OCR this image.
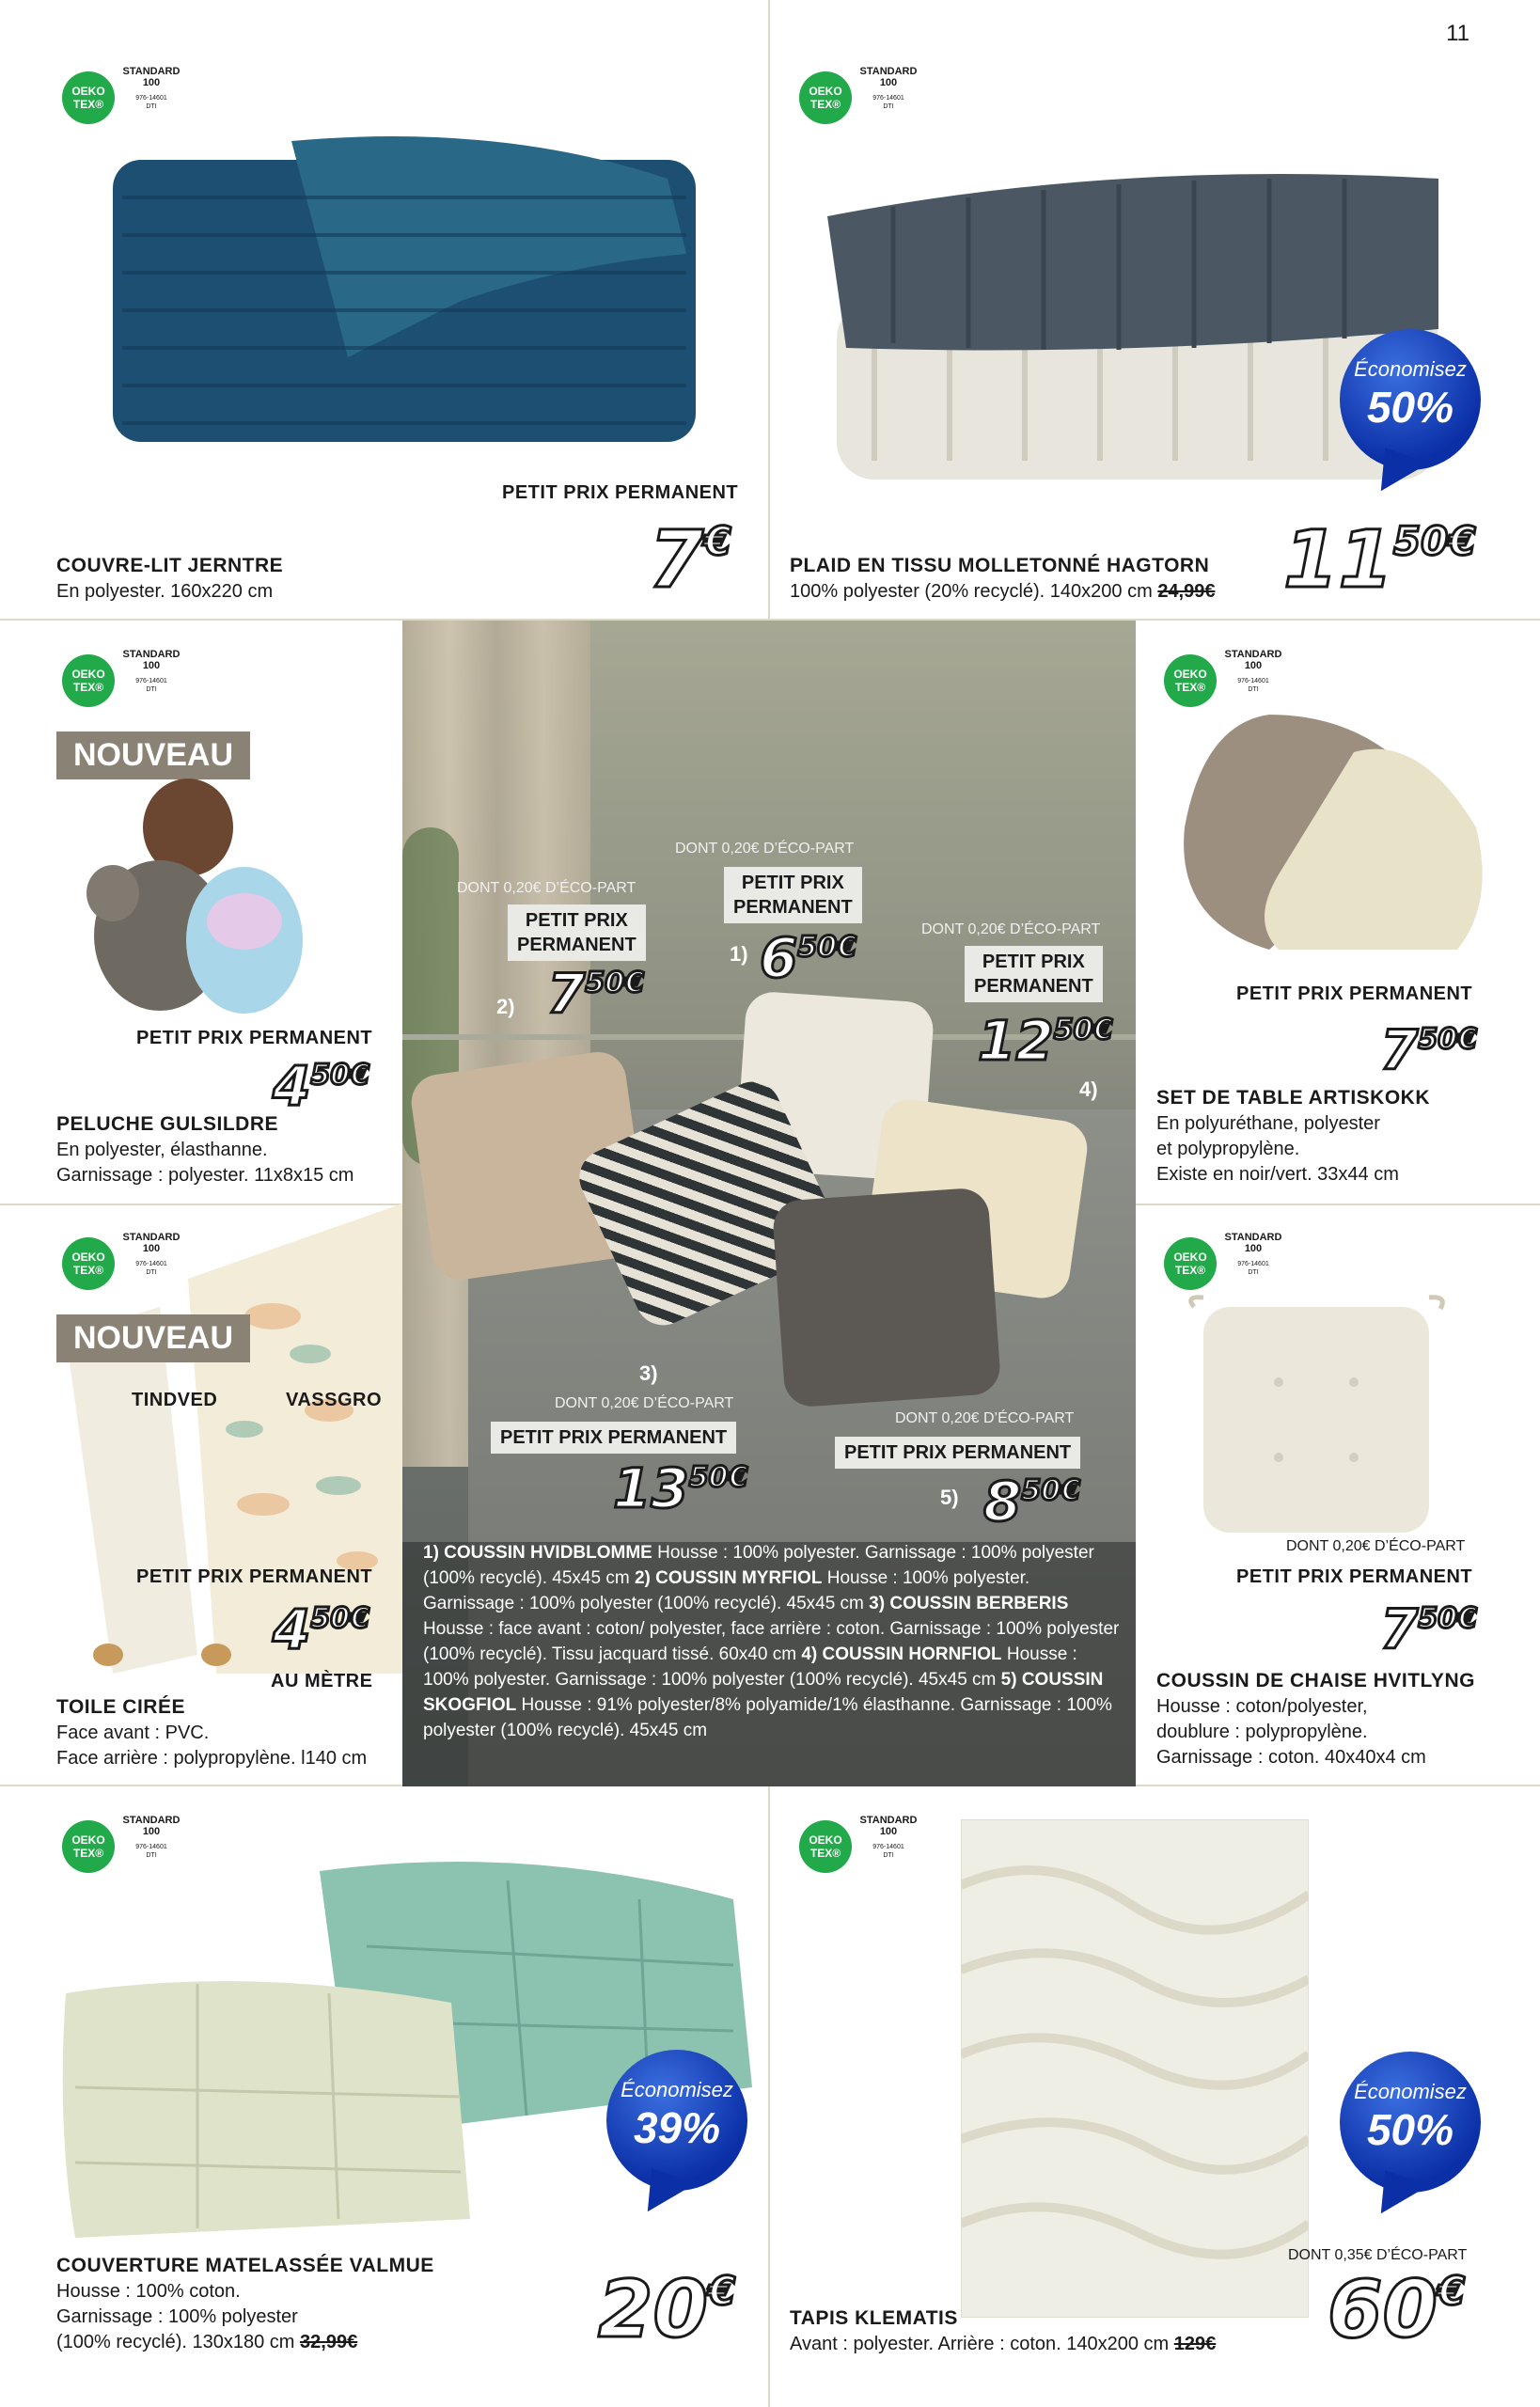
11
OEKO
TEX®
STANDARD
100
976-14601
DTI
PETIT PRIX PERMANENT
COUVRE-LIT JERNTRE
En polyester. 160x220 cm	7€
OEKO
TEX®
STANDARD
100
976-14601
DTI
Économisez
50%
PLAID EN TISSU MOLLETONNÉ HAGTORN
100% polyester (20% recyclé). 140x200 cm 24,99€ 1150€
OEKO
TEX®
STANDARD
100
976-14601
DTI
NOUVEAU
PETIT PRIX PERMANENT
450€
PELUCHE GULSILDRE
En polyester, élasthanne.
Garnissage : polyester. 11x8x15 cm
OEKO
TEX®
STANDARD
100
976-14601
DTI
PETIT PRIX PERMANENT
750€
SET DE TABLE ARTISKOKK
En polyuréthane, polyester
et polypropylène.
Existe en noir/vert. 33x44 cm
OEKO
TEX®
STANDARD
100
976-14601
DTI
NOUVEAU
TINDVED	VASSGRO
PETIT PRIX PERMANENT
450€
AU MÈTRE
TOILE CIRÉE
Face avant : PVC.
Face arrière : polypropylène. l140 cm
OEKO
TEX®
STANDARD
100
976-14601
DTI
DONT 0,20€ D’ÉCO-PART
PETIT PRIX PERMANENT
750€
COUSSIN DE CHAISE HVITLYNG
Housse : coton/polyester,
doublure : polypropylène.
Garnissage : coton. 40x40x4 cm
DONT 0,20€ D’ÉCO-PART
PETIT PRIX
PERMANENT
2) 750€
DONT 0,20€ D’ÉCO-PART
PETIT PRIX
PERMANENT
1) 650€
DONT 0,20€ D’ÉCO-PART
PETIT PRIX
PERMANENT
1250€
4)
3)
DONT 0,20€ D’ÉCO-PART
PETIT PRIX PERMANENT
1350€
DONT 0,20€ D’ÉCO-PART
PETIT PRIX PERMANENT
5) 850€
1) COUSSIN HVIDBLOMME Housse : 100% polyester. Garnissage : 100% polyester (100% recyclé). 45x45 cm 2) COUSSIN MYRFIOL Housse : 100% polyester. Garnissage : 100% polyester (100% recyclé). 45x45 cm 3) COUSSIN BERBERIS Housse : face avant : coton/ polyester, face arrière : coton. Garnissage : 100% polyester (100% recyclé). Tissu jacquard tissé. 60x40 cm 4) COUSSIN HORNFIOL Housse : 100% polyester. Garnissage : 100% polyester (100% recyclé). 45x45 cm 5) COUSSIN SKOGFIOL Housse : 91% polyester/8% polyamide/1% élasthanne. Garnissage : 100% polyester (100% recyclé). 45x45 cm
OEKO
TEX®
STANDARD
100
976-14601
DTI
Économisez
39%
COUVERTURE MATELASSÉE VALMUE
Housse : 100% coton.
Garnissage : 100% polyester
(100% recyclé). 130x180 cm 32,99€	20€
OEKO
TEX®
STANDARD
100
976-14601
DTI
Économisez
50%
DONT 0,35€ D’ÉCO-PART
TAPIS KLEMATIS
Avant : polyester. Arrière : coton. 140x200 cm 129€ 60€
